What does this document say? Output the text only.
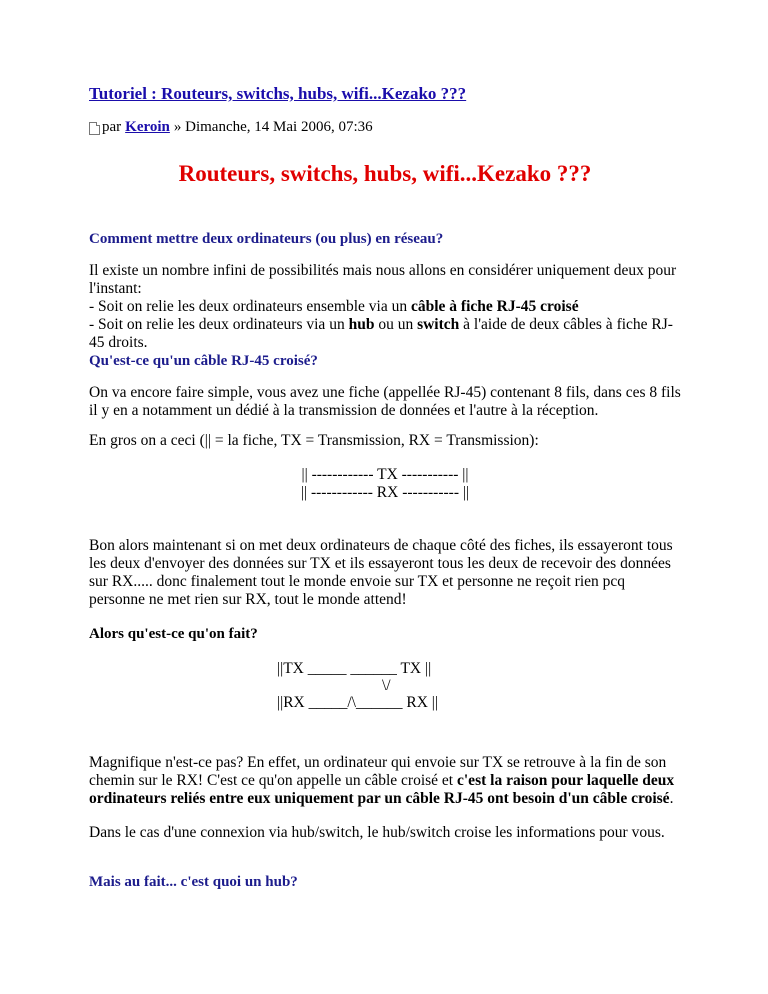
Tutoriel : Routeurs, switchs, hubs, wifi...Kezako ???
par Keroin » Dimanche, 14 Mai 2006, 07:36
Routeurs, switchs, hubs, wifi...Kezako ???
Comment mettre deux ordinateurs (ou plus) en réseau?
Il existe un nombre infini de possibilités mais nous allons en considérer uniquement deux pour l'instant:
- Soit on relie les deux ordinateurs ensemble via un câble à fiche RJ-45 croisé
- Soit on relie les deux ordinateurs via un hub ou un switch à l'aide de deux câbles à fiche RJ-45 droits.
Qu'est-ce qu'un câble RJ-45 croisé?
On va encore faire simple, vous avez une fiche (appellée RJ-45) contenant 8 fils, dans ces 8 fils il y en a notamment un dédié à la transmission de données et l'autre à la réception.
En gros on a ceci (|| = la fiche, TX = Transmission, RX = Transmission):
|| ------------ TX ----------- ||
|| ------------ RX ----------- ||
Bon alors maintenant si on met deux ordinateurs de chaque côté des fiches, ils essayeront tous les deux d'envoyer des données sur TX et ils essayeront tous les deux de recevoir des données sur RX..... donc finalement tout le monde envoie sur TX et personne ne reçoit rien pcq personne ne met rien sur RX, tout le monde attend!
Alors qu'est-ce qu'on fait?
||TX _____ ______ TX ||
\/
||RX _____/\______ RX ||
Magnifique n'est-ce pas? En effet, un ordinateur qui envoie sur TX se retrouve à la fin de son chemin sur le RX! C'est ce qu'on appelle un câble croisé et c'est la raison pour laquelle deux ordinateurs reliés entre eux uniquement par un câble RJ-45 ont besoin d'un câble croisé.
Dans le cas d'une connexion via hub/switch, le hub/switch croise les informations pour vous.
Mais au fait... c'est quoi un hub?
